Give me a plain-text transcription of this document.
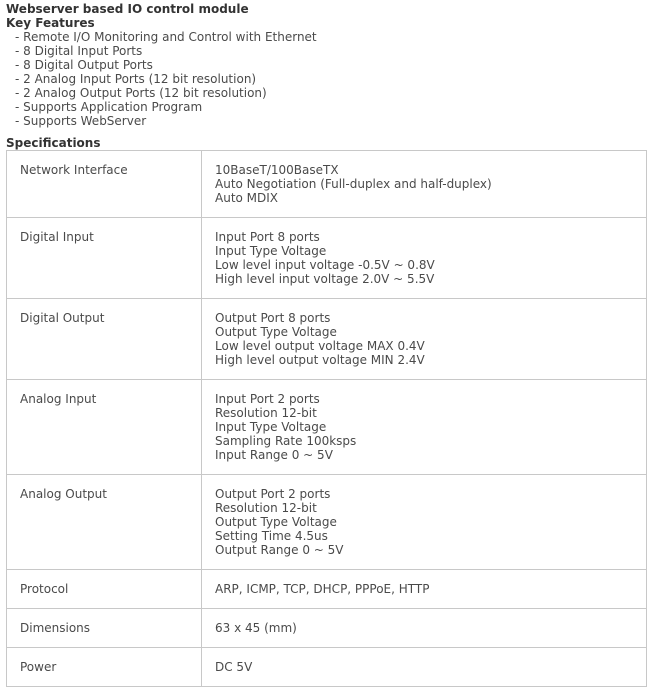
Webserver based IO control module
Key Features
- Remote I/O Monitoring and Control with Ethernet
- 8 Digital Input Ports
- 8 Digital Output Ports
- 2 Analog Input Ports (12 bit resolution)
- 2 Analog Output Ports (12 bit resolution)
- Supports Application Program
- Supports WebServer
Specifications
Network Interface	10BaseT/100BaseTX
Auto Negotiation (Full-duplex and half-duplex)
Auto MDIX

Digital Input	Input Port 8 ports
Input Type Voltage
Low level input voltage -0.5V ~ 0.8V
High level input voltage 2.0V ~ 5.5V

Digital Output	Output Port 8 ports
Output Type Voltage
Low level output voltage MAX 0.4V
High level output voltage MIN 2.4V

Analog Input	Input Port 2 ports
Resolution 12-bit
Input Type Voltage
Sampling Rate 100ksps
Input Range 0 ~ 5V

Analog Output	Output Port 2 ports
Resolution 12-bit
Output Type Voltage
Setting Time 4.5us
Output Range 0 ~ 5V

Protocol	ARP, ICMP, TCP, DHCP, PPPoE, HTTP

Dimensions	63 x 45 (mm)

Power	DC 5V
